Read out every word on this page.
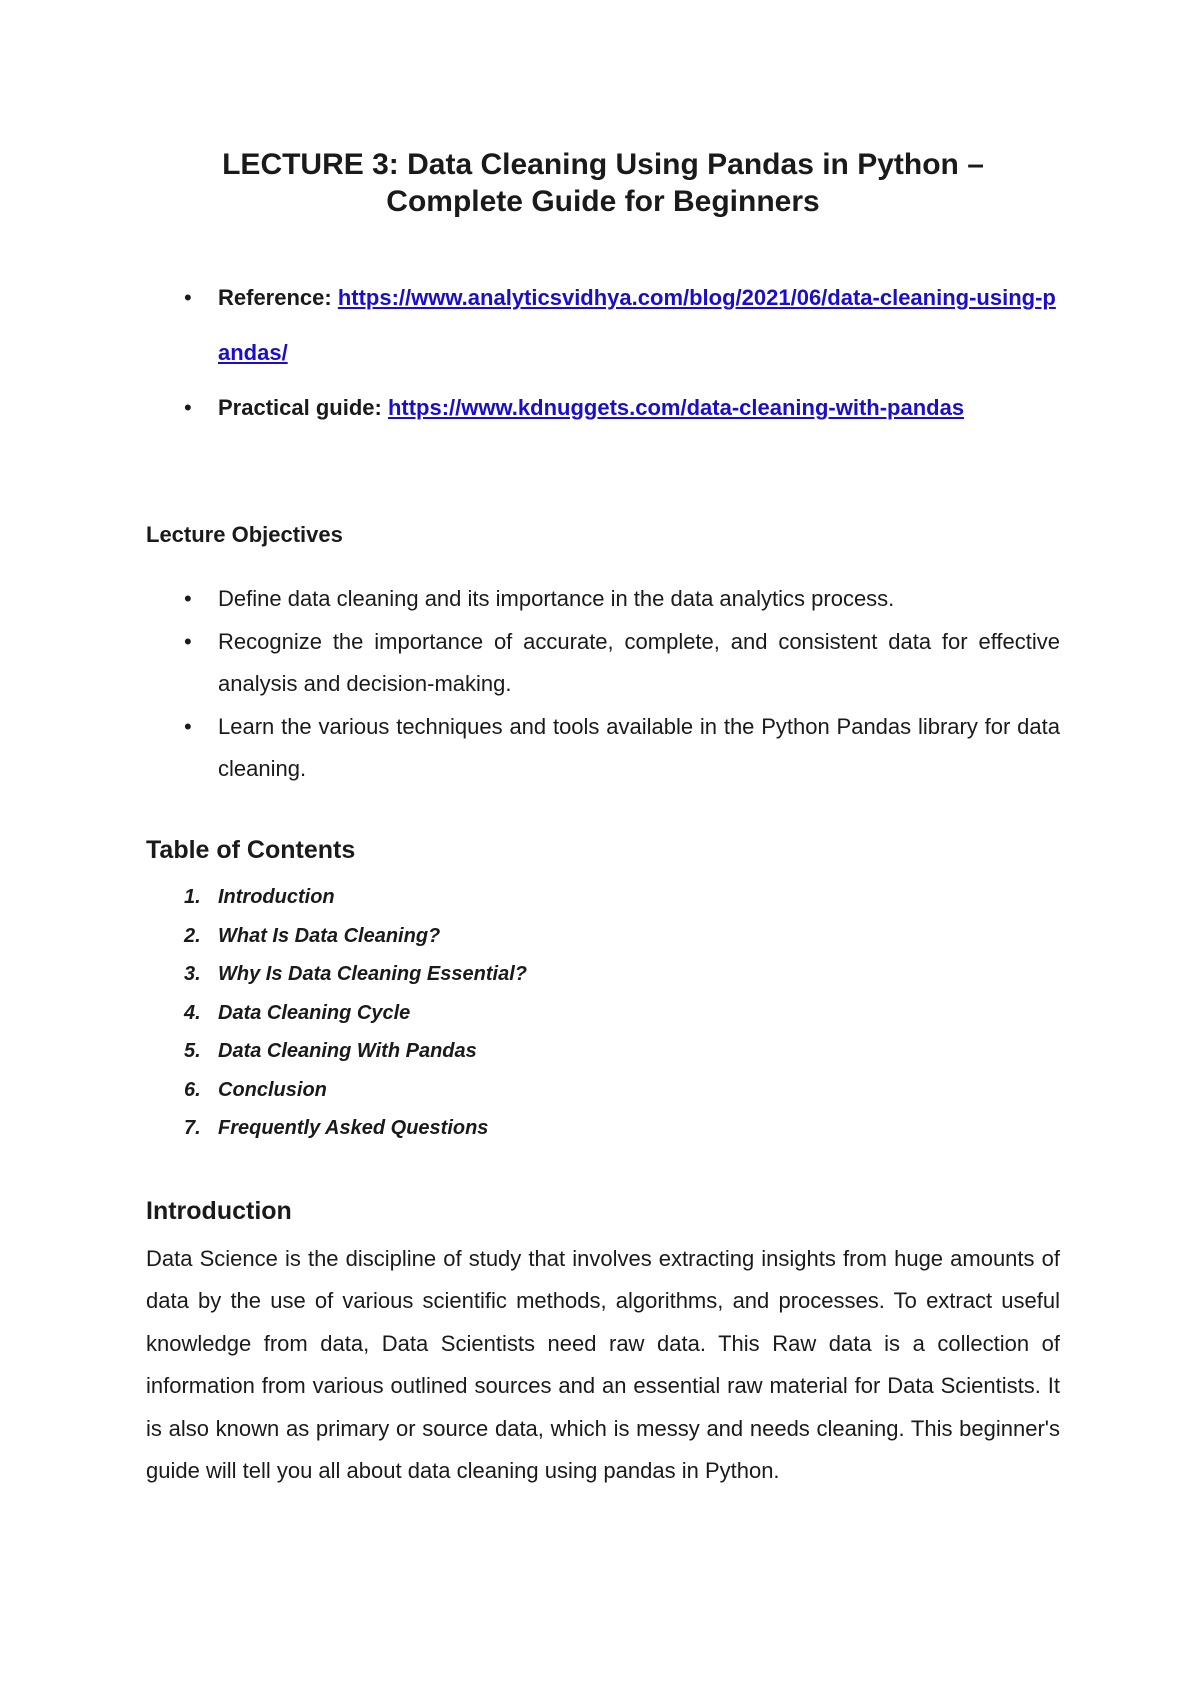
LECTURE 3: Data Cleaning Using Pandas in Python –
Complete Guide for Beginners
• Reference: https://www.analyticsvidhya.com/blog/2021/06/data-cleaning-using-pandas/
• Practical guide: https://www.kdnuggets.com/data-cleaning-with-pandas
Lecture Objectives
• Define data cleaning and its importance in the data analytics process.
• Recognize the importance of accurate, complete, and consistent data for effective analysis and decision-making.
• Learn the various techniques and tools available in the Python Pandas library for data cleaning.
Table of Contents
1. Introduction
2. What Is Data Cleaning?
3. Why Is Data Cleaning Essential?
4. Data Cleaning Cycle
5. Data Cleaning With Pandas
6. Conclusion
7. Frequently Asked Questions
Introduction

Data Science is the discipline of study that involves extracting insights from huge amounts of data by the use of various scientific methods, algorithms, and processes. To extract useful knowledge from data, Data Scientists need raw data. This Raw data is a collection of information from various outlined sources and an essential raw material for Data Scientists. It is also known as primary or source data, which is messy and needs cleaning. This beginner's guide will tell you all about data cleaning using pandas in Python.
